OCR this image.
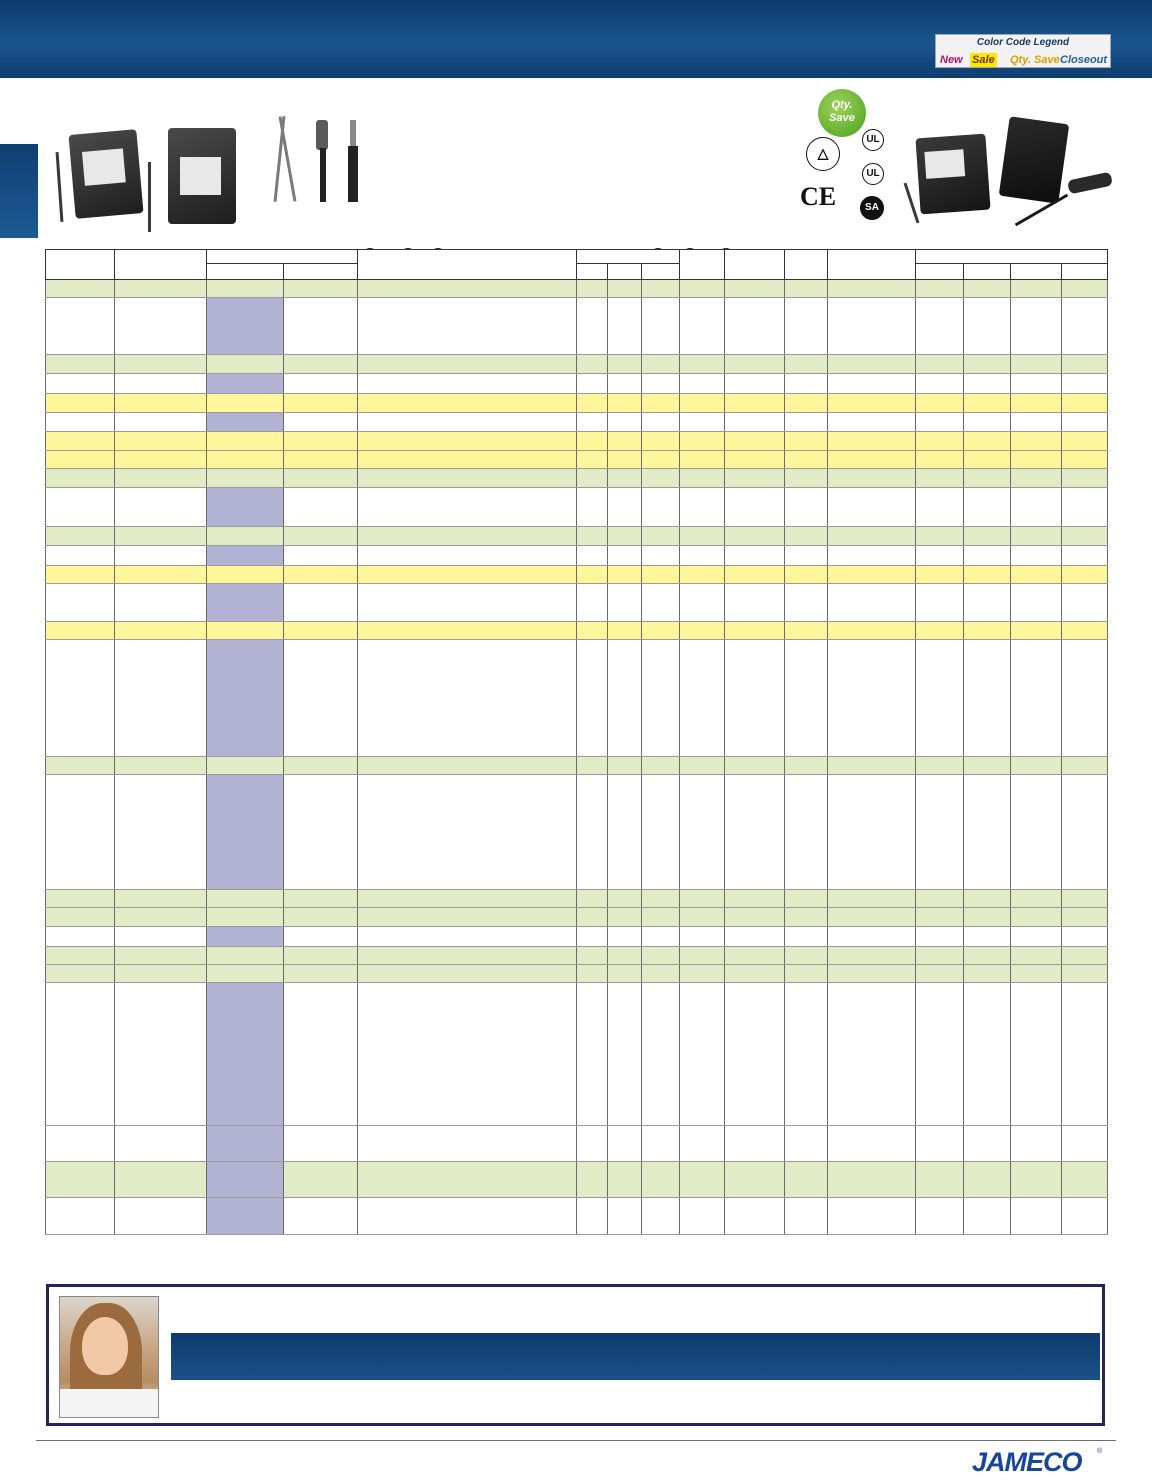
Color Code Legend
New Sale Qty. Save Closeout
Qty. Save
△
UL
UL
SA
CE

JAMECO ®
